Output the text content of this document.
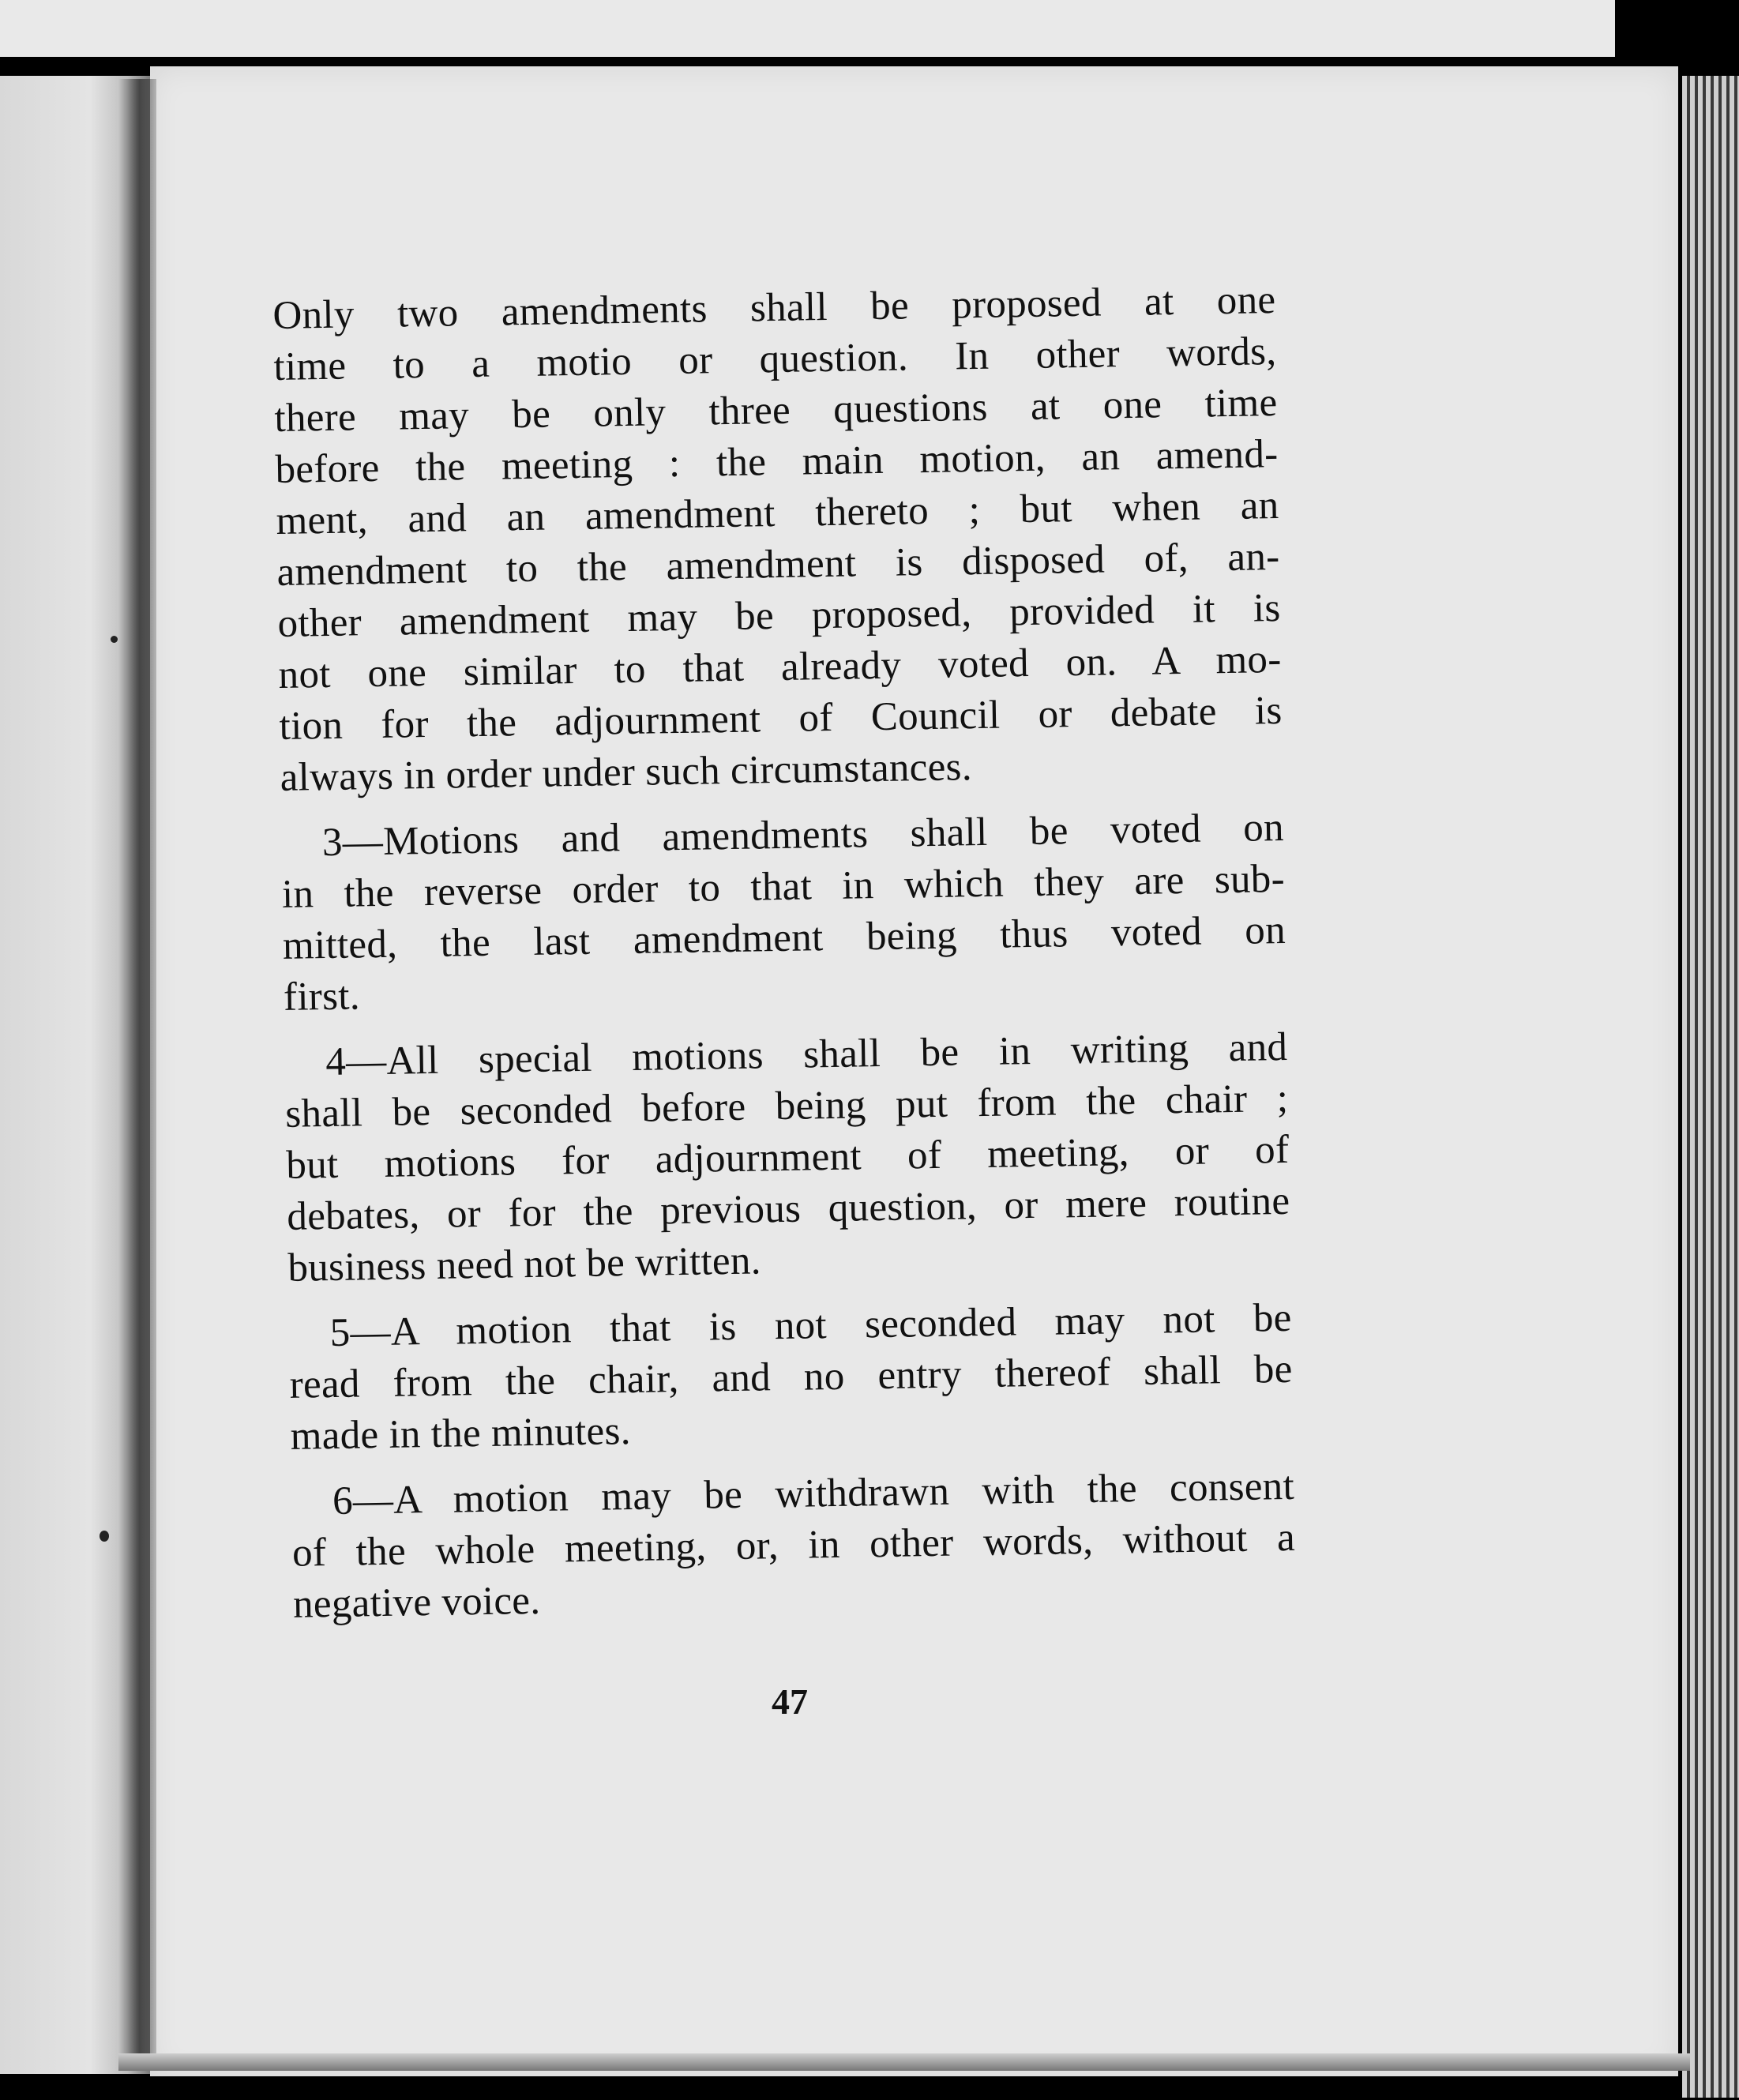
Only two amendments shall be proposed at one
time to a motio or question. In other words,
there may be only three questions at one time
before the meeting : the main motion, an amend-
ment, and an amendment thereto ; but when an
amendment to the amendment is disposed of, an-
other amendment may be proposed, provided it is
not one similar to that already voted on. A mo-
tion for the adjournment of Council or debate is
always in order under such circumstances.
3—Motions and amendments shall be voted on
in the reverse order to that in which they are sub-
mitted, the last amendment being thus voted on
first.
4—All special motions shall be in writing and
shall be seconded before being put from the chair ;
but motions for adjournment of meeting, or of
debates, or for the previous question, or mere routine
business need not be written.
5—A motion that is not seconded may not be
read from the chair, and no entry thereof shall be
made in the minutes.
6—A motion may be withdrawn with the consent
of the whole meeting, or, in other words, without a
negative voice.
47
